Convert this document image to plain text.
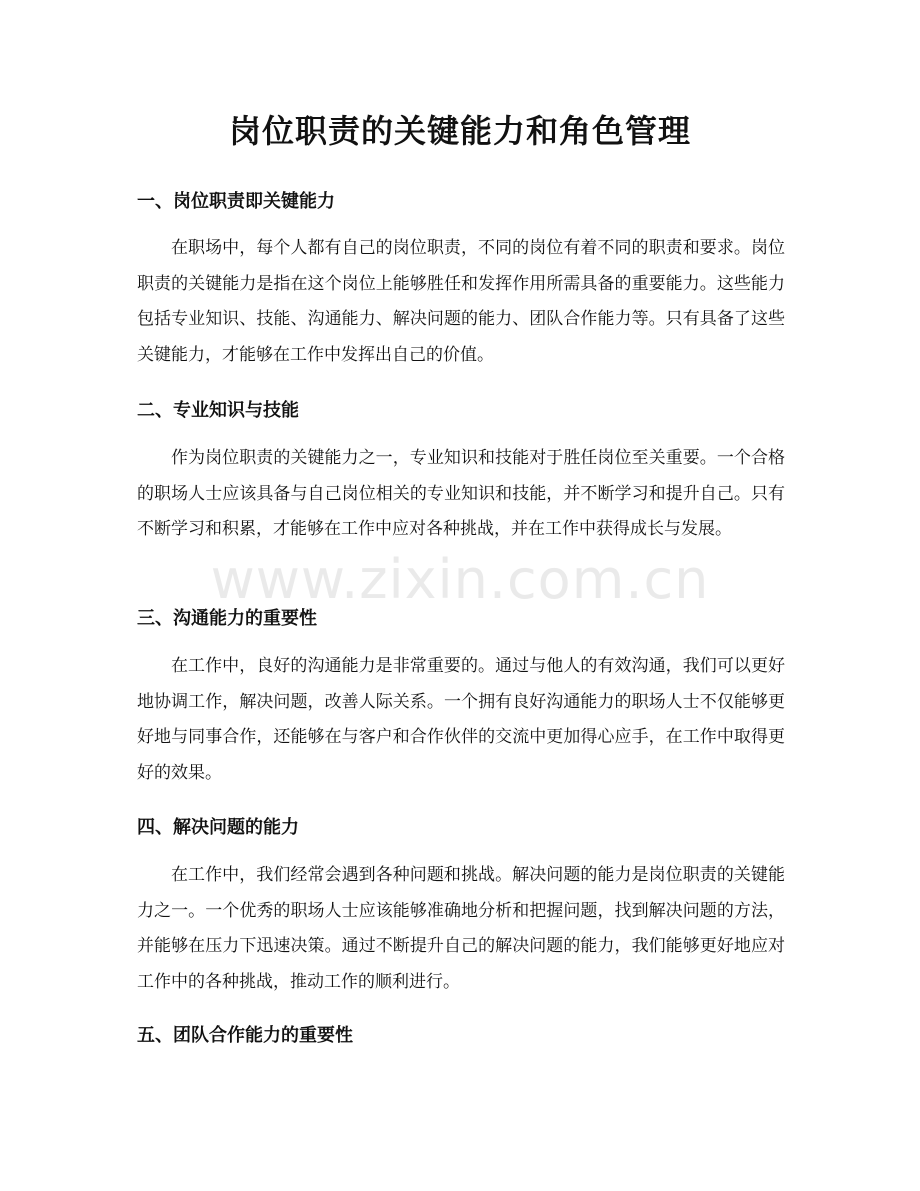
岗位职责的关键能力和角色管理
一、岗位职责即关键能力

在职场中，每个人都有自己的岗位职责，不同的岗位有着不同的职责和要求。岗位职责的关键能力是指在这个岗位上能够胜任和发挥作用所需具备的重要能力。这些能力包括专业知识、技能、沟通能力、解决问题的能力、团队合作能力等。只有具备了这些关键能力，才能够在工作中发挥出自己的价值。

二、专业知识与技能

作为岗位职责的关键能力之一，专业知识和技能对于胜任岗位至关重要。一个合格的职场人士应该具备与自己岗位相关的专业知识和技能，并不断学习和提升自己。只有不断学习和积累，才能够在工作中应对各种挑战，并在工作中获得成长与发展。

三、沟通能力的重要性

在工作中，良好的沟通能力是非常重要的。通过与他人的有效沟通，我们可以更好地协调工作，解决问题，改善人际关系。一个拥有良好沟通能力的职场人士不仅能够更好地与同事合作，还能够在与客户和合作伙伴的交流中更加得心应手，在工作中取得更好的效果。

四、解决问题的能力

在工作中，我们经常会遇到各种问题和挑战。解决问题的能力是岗位职责的关键能力之一。一个优秀的职场人士应该能够准确地分析和把握问题，找到解决问题的方法，并能够在压力下迅速决策。通过不断提升自己的解决问题的能力，我们能够更好地应对工作中的各种挑战，推动工作的顺利进行。

五、团队合作能力的重要性
www.zixin.com.cn
